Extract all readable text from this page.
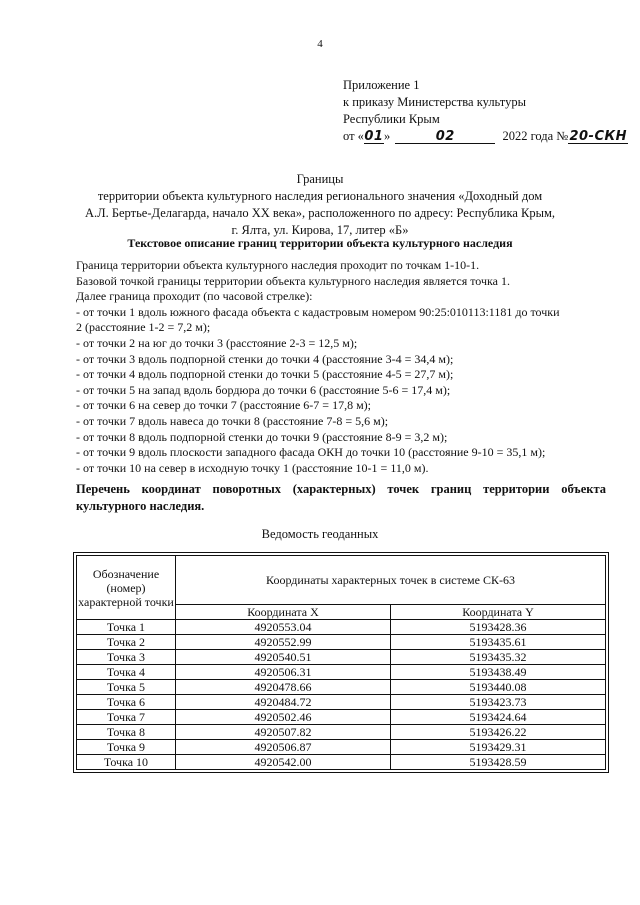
4
Приложение 1
к приказу Министерства культуры
Республики Крым
от «01»	02	2022 года №20-СКН
Границы
территории объекта культурного наследия регионального значения «Доходный дом
А.Л. Бертье-Делагарда, начало XX века», расположенного по адресу: Республика Крым,
г. Ялта, ул. Кирова, 17, литер «Б»
Текстовое описание границ территории объекта культурного наследия
Граница территории объекта культурного наследия проходит по точкам 1-10-1.
Базовой точкой границы территории объекта культурного наследия является точка 1.
Далее граница проходит (по часовой стрелке):
- от точки 1 вдоль южного фасада объекта с кадастровым номером 90:25:010113:1181 до точки
2 (расстояние 1-2 = 7,2 м);
- от точки 2 на юг до точки 3 (расстояние 2-3 = 12,5 м);
- от точки 3 вдоль подпорной стенки до точки 4 (расстояние 3-4 = 34,4 м);
- от точки 4 вдоль подпорной стенки до точки 5 (расстояние 4-5 = 27,7 м);
- от точки 5 на запад вдоль бордюра до точки 6 (расстояние 5-6 = 17,4 м);
- от точки 6 на север до точки 7 (расстояние 6-7 = 17,8 м);
- от точки 7 вдоль навеса до точки 8 (расстояние 7-8 = 5,6 м);
- от точки 8 вдоль подпорной стенки до точки 9 (расстояние 8-9 = 3,2 м);
- от точки 9 вдоль плоскости западного фасада ОКН до точки 10 (расстояние 9-10 = 35,1 м);
- от точки 10 на север в исходную точку 1 (расстояние 10-1 = 11,0 м).
Перечень координат поворотных (характерных) точек границ территории объекта культурного наследия.
Ведомость геоданных
Обозначение (номер) характерной точки	Координаты характерных точек в системе СК-63	
	Координата X	Координата Y
Точка 1	4920553.04	5193428.36
Точка 2	4920552.99	5193435.61
Точка 3	4920540.51	5193435.32
Точка 4	4920506.31	5193438.49
Точка 5	4920478.66	5193440.08
Точка 6	4920484.72	5193423.73
Точка 7	4920502.46	5193424.64
Точка 8	4920507.82	5193426.22
Точка 9	4920506.87	5193429.31
Точка 10	4920542.00	5193428.59
